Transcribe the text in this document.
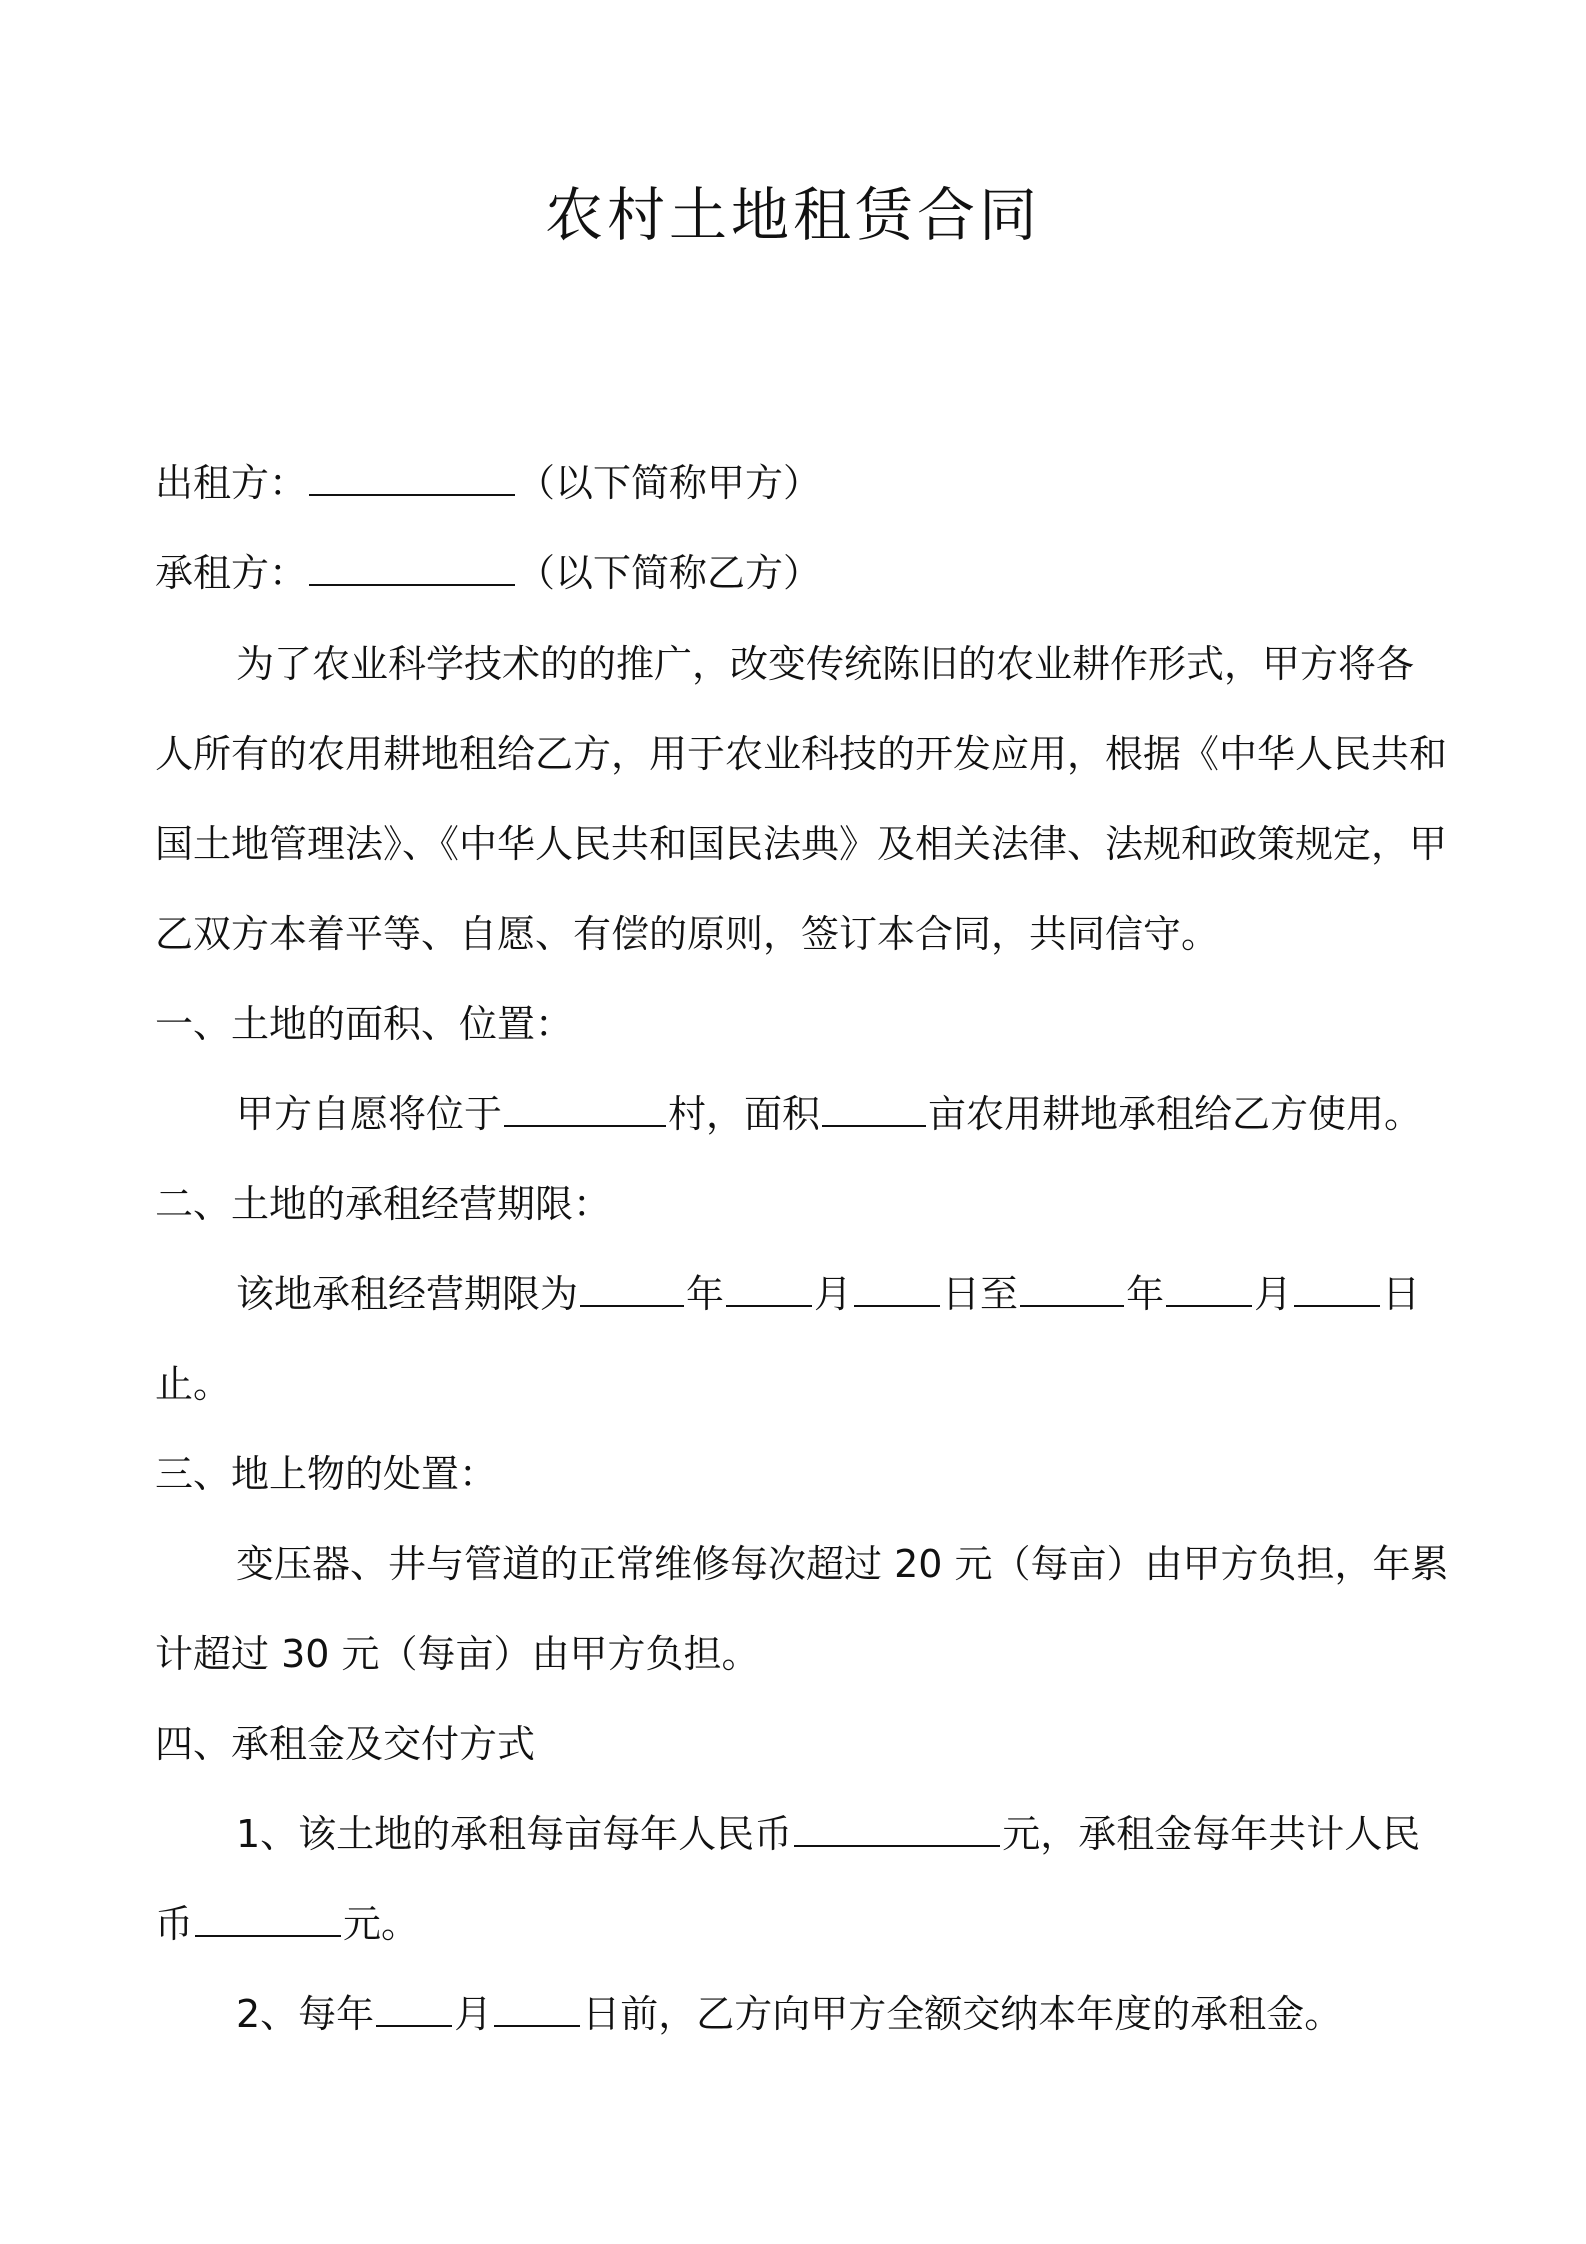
农村土地租赁合同
出租方：	（以下简称甲方）
承租方：	（以下简称乙方）
为了农业科学技术的的推广，改变传统陈旧的农业耕作形式，甲方将各
人所有的农用耕地租给乙方，用于农业科技的开发应用，根据《中华人民共和
国土地管理法》、《中华人民共和国民法典》及相关法律、法规和政策规定，甲
乙双方本着平等、自愿、有偿的原则，签订本合同，共同信守。
一、土地的面积、位置：
甲方自愿将位于	村，面积	亩农用耕地承租给乙方使用。
二、土地的承租经营期限：
该地承租经营期限为	年 月 日至	年 月 日
止。
三、地上物的处置：
变压器、井与管道的正常维修每次超过 20 元（每亩）由甲方负担，年累
计超过 30 元（每亩）由甲方负担。
四、承租金及交付方式
1、该土地的承租每亩每年人民币	元，承租金每年共计人民
币	元。
2、每年 月 日前，乙方向甲方全额交纳本年度的承租金。
